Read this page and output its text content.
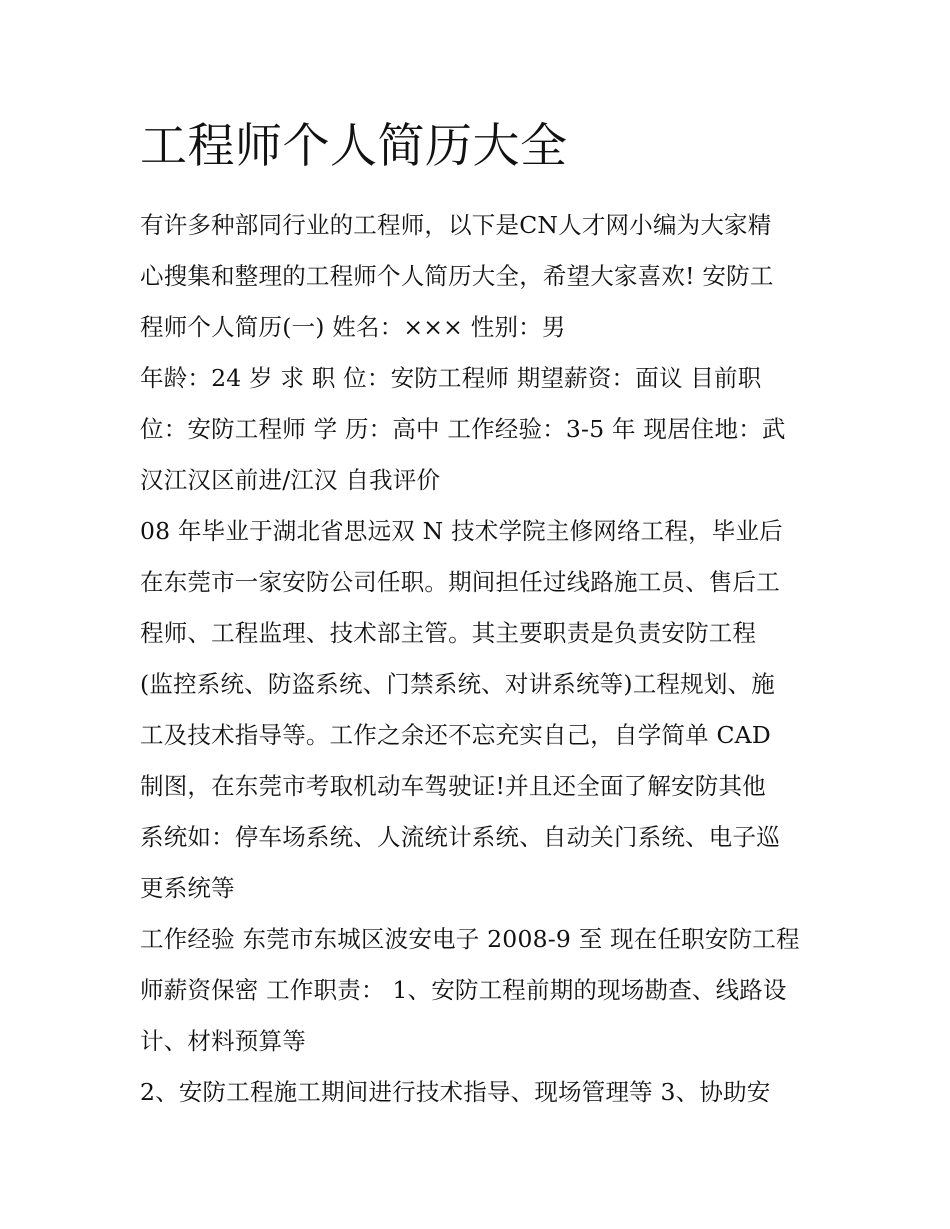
工程师个人简历大全
有许多种部同行业的工程师，以下是CN人才网小编为大家精
心搜集和整理的工程师个人简历大全，希望大家喜欢! 安防工
程师个人简历(一) 姓名：××× 性别：男
年龄：24 岁 求 职 位：安防工程师 期望薪资：面议 目前职
位：安防工程师 学 历：高中 工作经验：3-5 年 现居住地：武
汉江汉区前进/江汉 自我评价
08 年毕业于湖北省思远双 N 技术学院主修网络工程，毕业后
在东莞市一家安防公司任职。期间担任过线路施工员、售后工
程师、工程监理、技术部主管。其主要职责是负责安防工程
(监控系统、防盗系统、门禁系统、对讲系统等)工程规划、施
工及技术指导等。工作之余还不忘充实自己，自学简单 CAD
制图，在东莞市考取机动车驾驶证!并且还全面了解安防其他
系统如：停车场系统、人流统计系统、自动关门系统、电子巡
更系统等
工作经验 东莞市东城区波安电子 2008-9 至 现在任职安防工程
师薪资保密 工作职责： 1、安防工程前期的现场勘查、线路设
计、材料预算等
2、安防工程施工期间进行技术指导、现场管理等 3、协助安
